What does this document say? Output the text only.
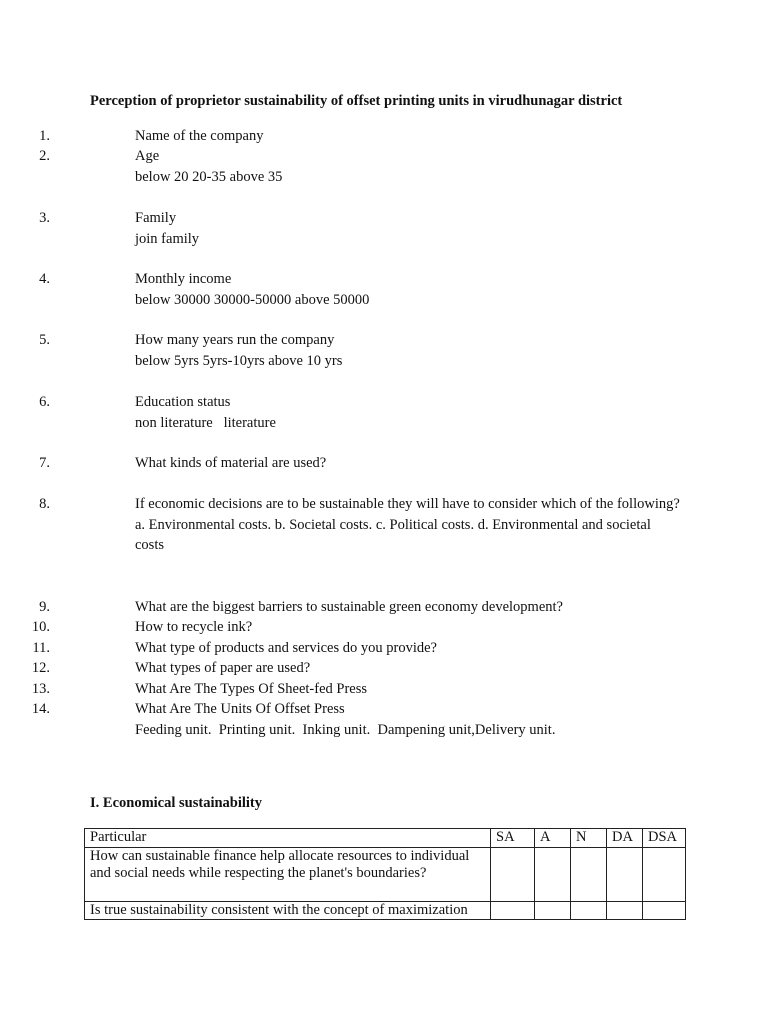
Perception of proprietor sustainability of offset printing units in virudhunagar district
1.	Name of the company
2.	Age
below 20 20-35 above 35
3.	Family
join family
4.	Monthly income
below 30000 30000-50000 above 50000
5.	How many years run the company
below 5yrs 5yrs-10yrs above 10 yrs
6.	Education status
non literature   literature
7.	What kinds of material are used?
8.	If economic decisions are to be sustainable they will have to consider which of the following?
a. Environmental costs. b. Societal costs. c. Political costs. d. Environmental and societal costs
9.	What are the biggest barriers to sustainable green economy development?
10.	How to recycle ink?
11.	What type of products and services do you provide?
12.	What types of paper are used?
13.	What Are The Types Of Sheet-fed Press
14.	What Are The Units Of Offset Press
Feeding unit.  Printing unit.  Inking unit.  Dampening unit,Delivery unit.
I. Economical sustainability
Particular	SA	A	N	DA	DSA
How can sustainable finance help allocate resources to individual and social needs while respecting the planet's boundaries?					
Is true sustainability consistent with the concept of maximization					
